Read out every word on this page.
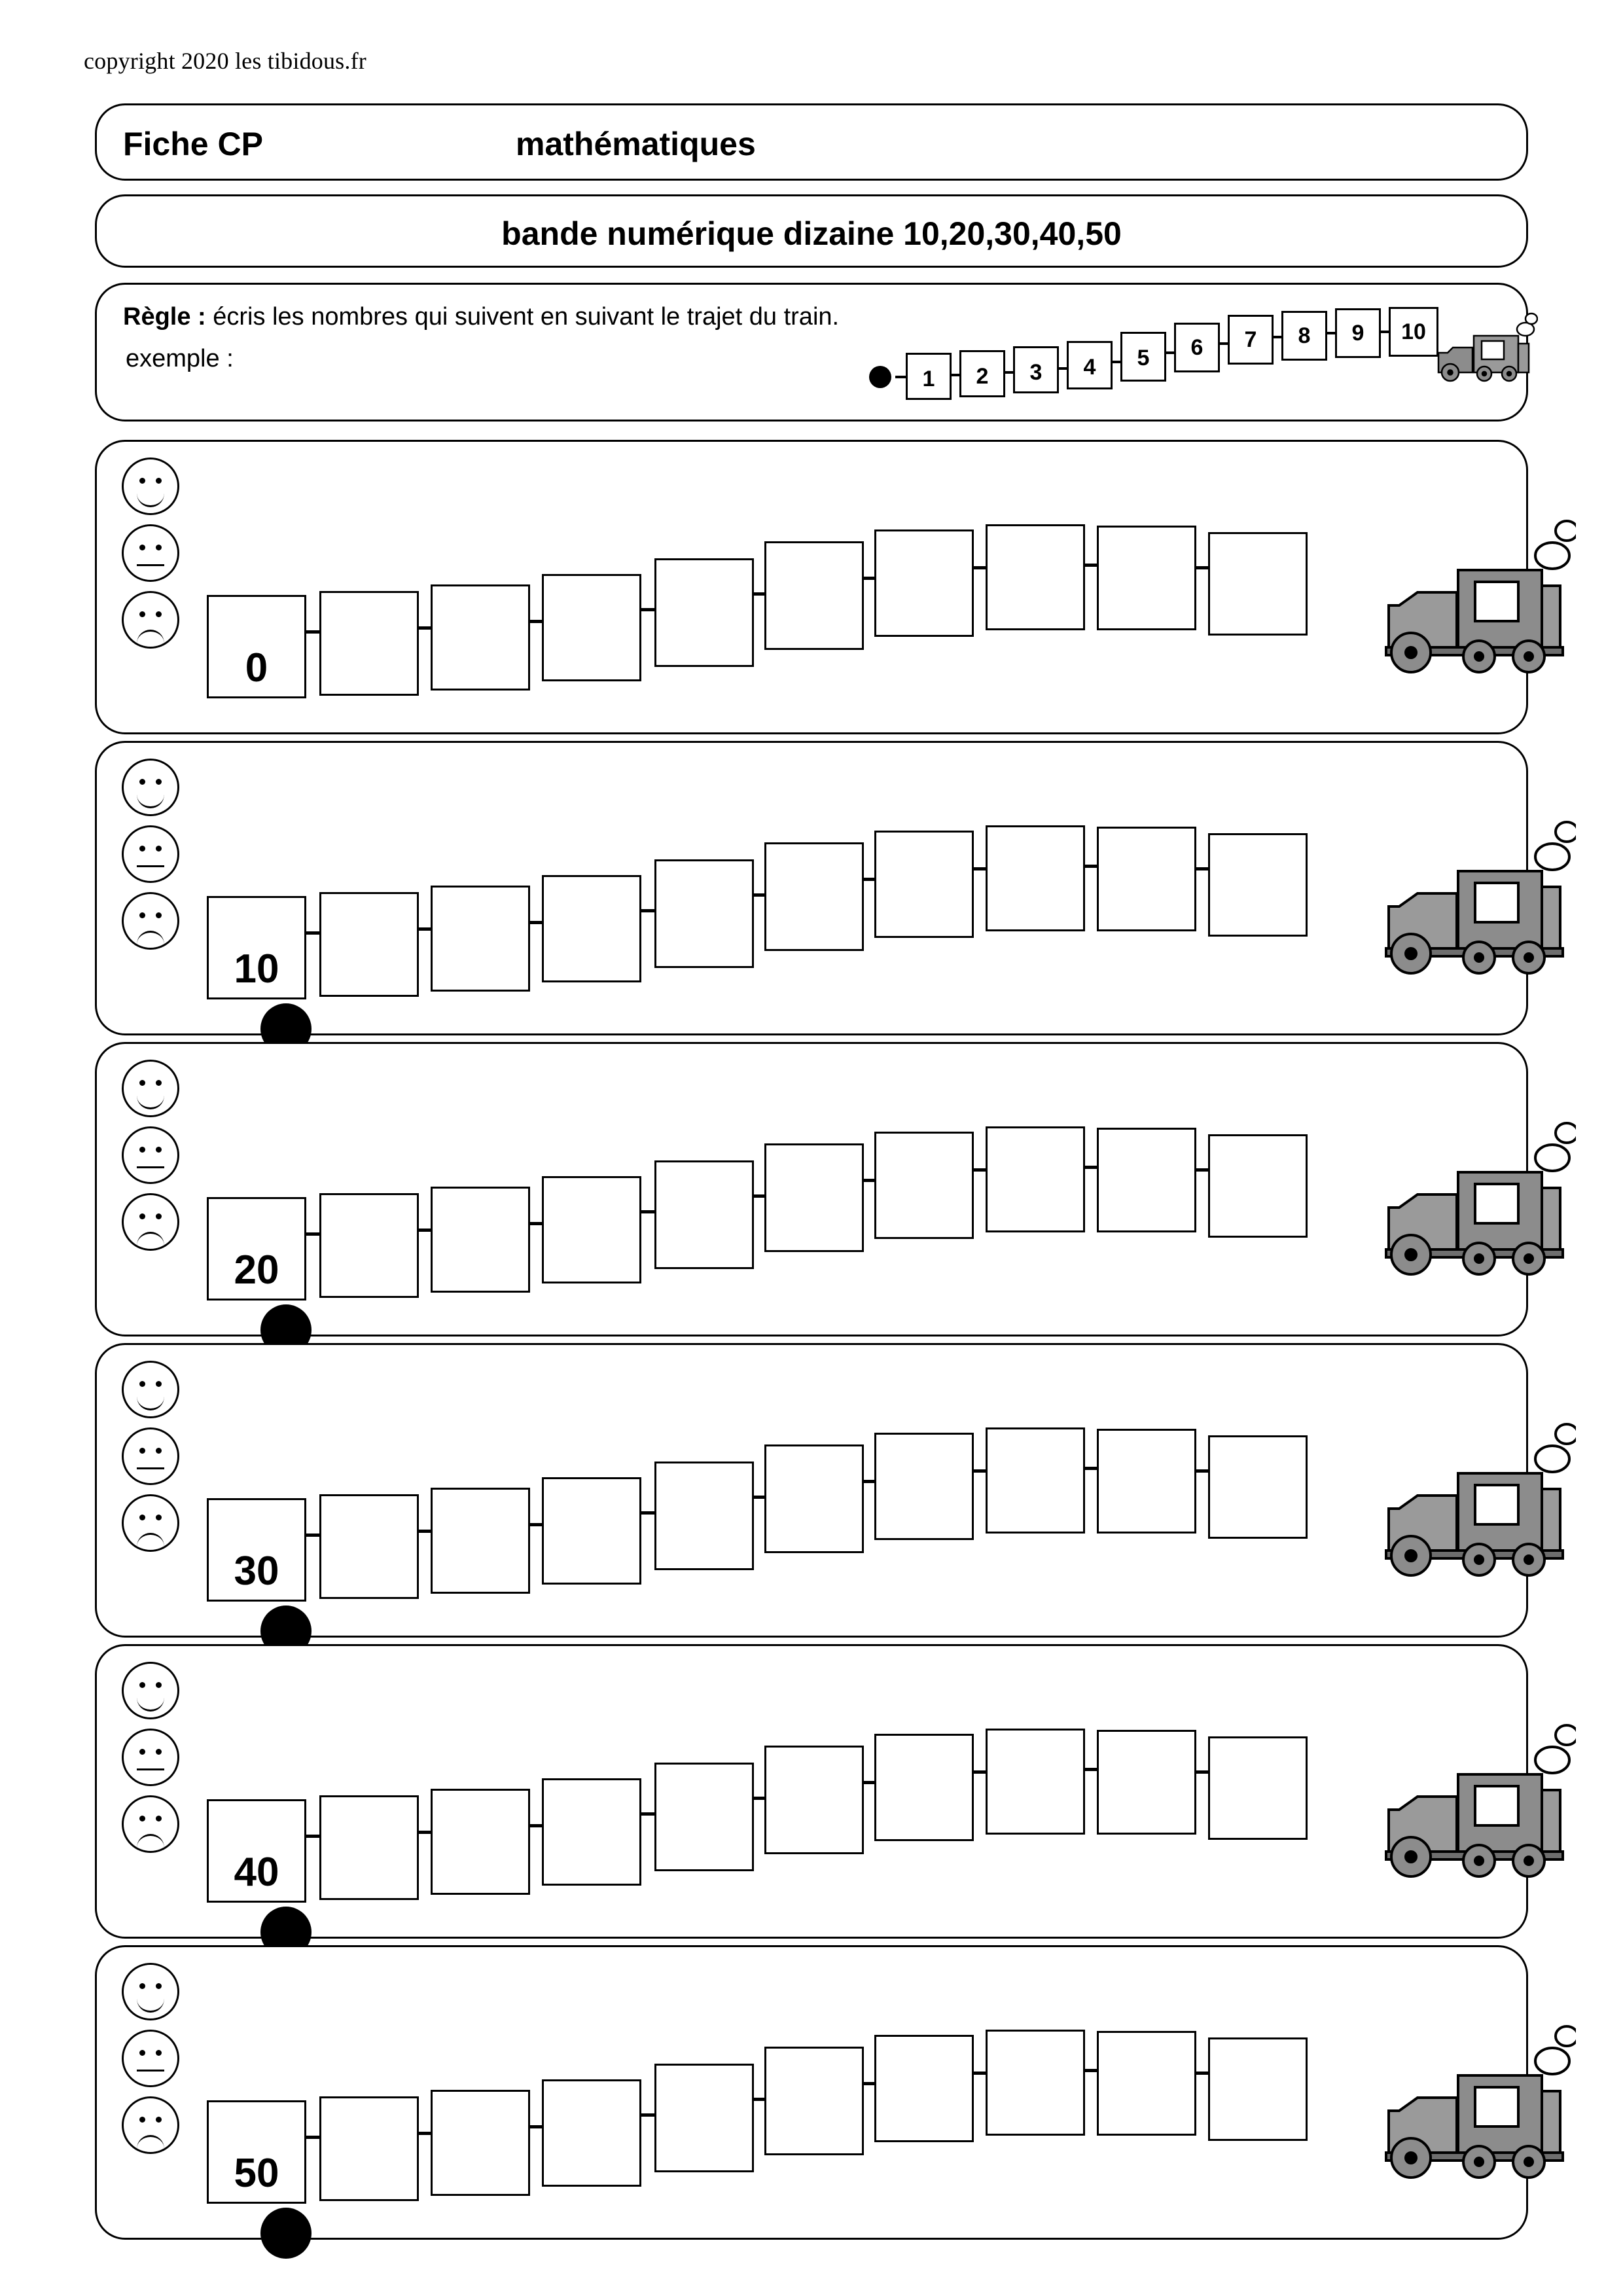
copyright 2020 les tibidous.fr
Fiche CP	mathématiques
bande numérique dizaine 10,20,30,40,50
Règle : écris les nombres qui suivent en suivant le trajet du train.
exemple :
1	2	3	4	5	6	7	8	9	10
0
10
20
30
40
50
